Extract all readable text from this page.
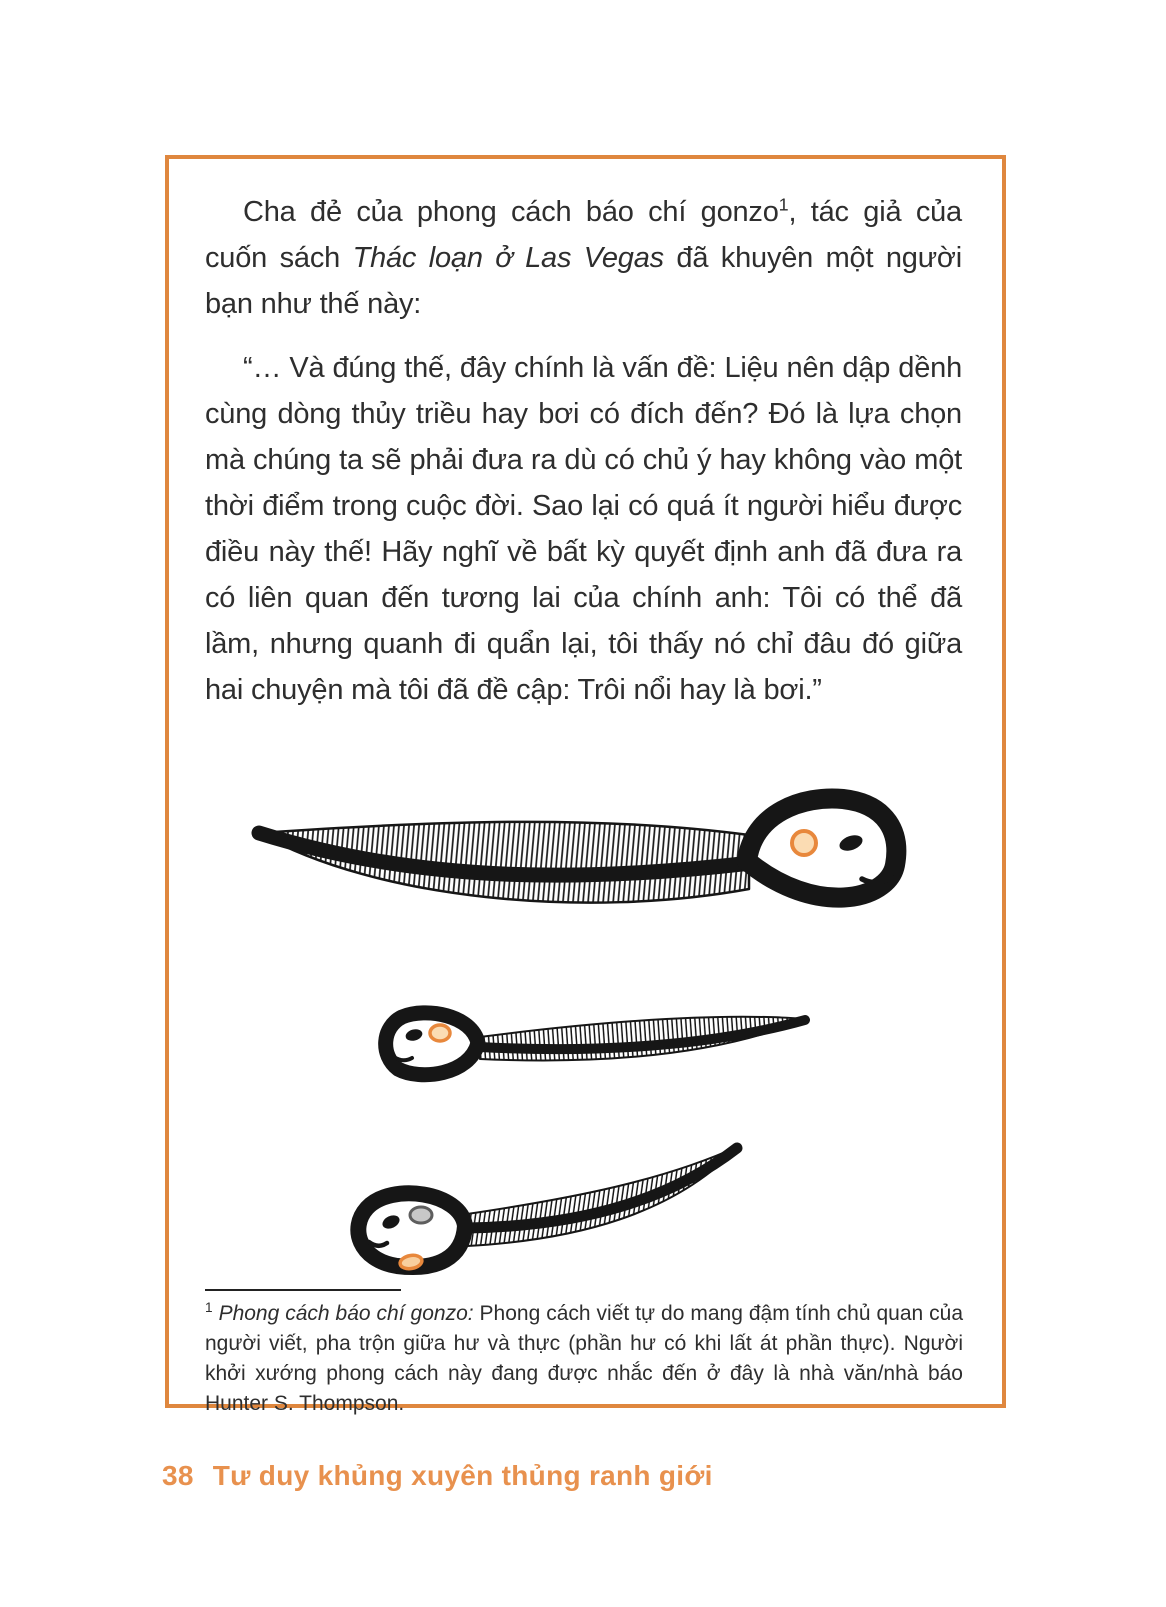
Cha đẻ của phong cách báo chí gonzo$^1$, tác giả của cuốn sách Thác loạn ở Las Vegas đã khuyên một người bạn như thế này:

“… Và đúng thế, đây chính là vấn đề: Liệu nên dập dềnh cùng dòng thủy triều hay bơi có đích đến? Đó là lựa chọn mà chúng ta sẽ phải đưa ra dù có chủ ý hay không vào một thời điểm trong cuộc đời. Sao lại có quá ít người hiểu được điều này thế! Hãy nghĩ về bất kỳ quyết định anh đã đưa ra có liên quan đến tương lai của chính anh: Tôi có thể đã lầm, nhưng quanh đi quẩn lại, tôi thấy nó chỉ đâu đó giữa hai chuyện mà tôi đã đề cập: Trôi nổi hay là bơi.”

$^1$ Phong cách báo chí gonzo: Phong cách viết tự do mang đậm tính chủ quan của người viết, pha trộn giữa hư và thực (phần hư có khi lất át phần thực). Người khởi xướng phong cách này đang được nhắc đến ở đây là nhà văn/nhà báo Hunter S. Thompson.

38 Tư duy khủng xuyên thủng ranh giới
